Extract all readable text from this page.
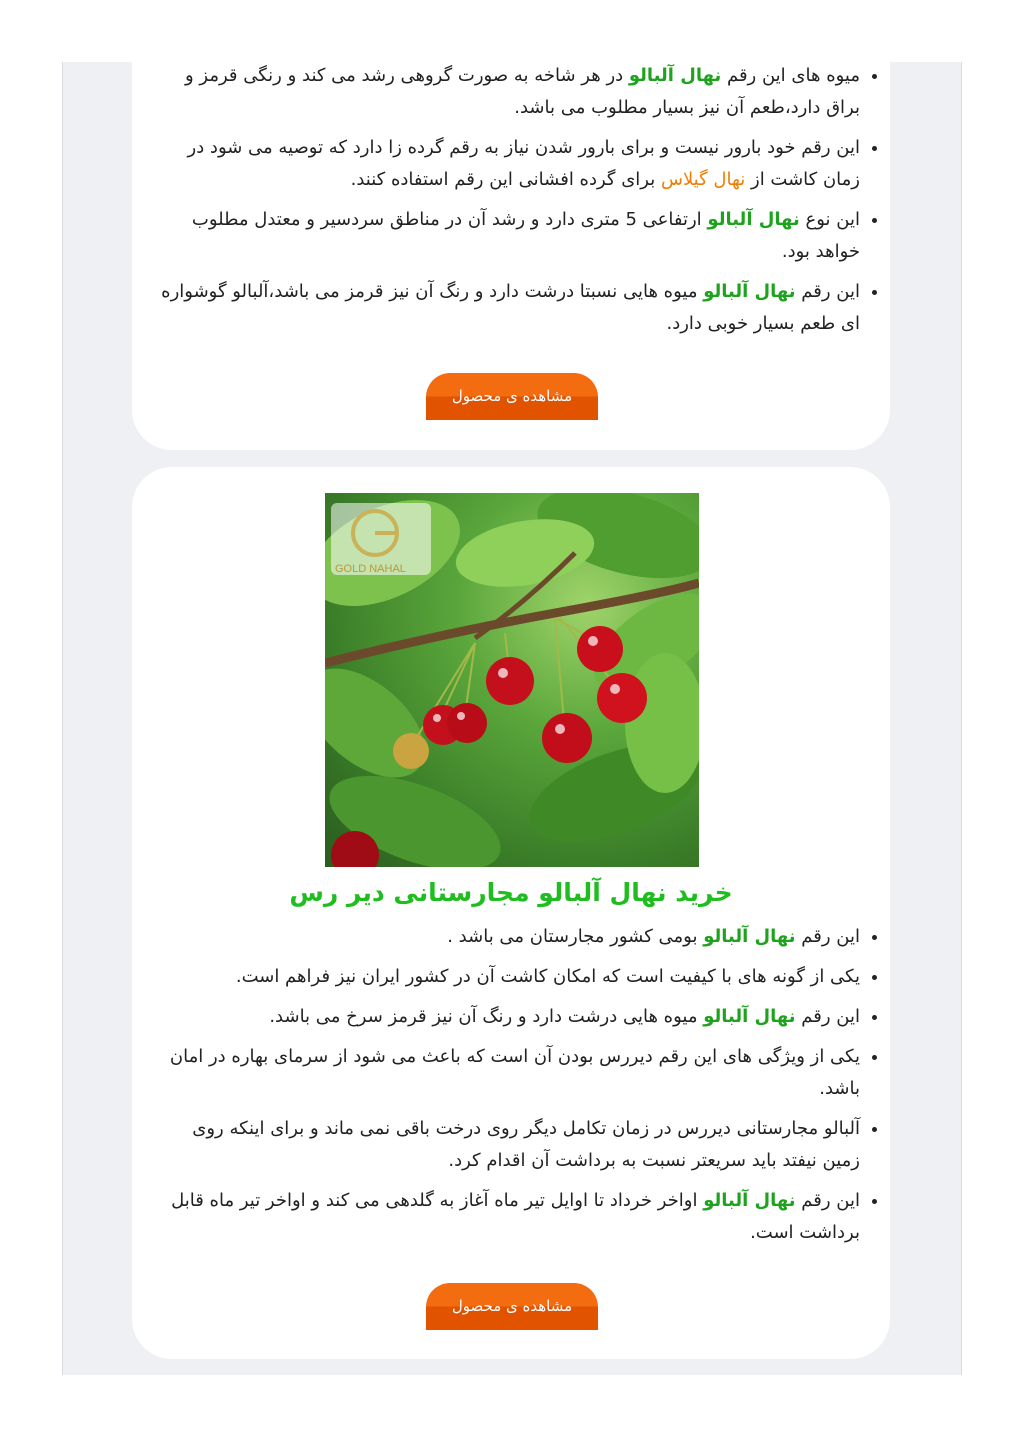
• میوه های این رقم نهال آلبالو در هر شاخه به صورت گروهی رشد می کند و رنگی قرمز و براق دارد،طعم آن نیز بسیار مطلوب می باشد.
• این رقم خود بارور نیست و برای بارور شدن نیاز به رقم گرده زا دارد که توصیه می شود در زمان کاشت از نهال گیلاس برای گرده افشانی این رقم استفاده کنند.
• این نوع نهال آلبالو ارتفاعی 5 متری دارد و رشد آن در مناطق سردسیر و معتدل مطلوب خواهد بود.
• این رقم نهال آلبالو میوه هایی نسبتا درشت دارد و رنگ آن نیز قرمز می باشد،آلبالو گوشواره ای طعم بسیار خوبی دارد.
مشاهده ی محصول
GOLD NAHAL
خرید نهال آلبالو مجارستانی دیر رس
• این رقم نهال آلبالو بومی کشور مجارستان می باشد .
• یکی از گونه های با کیفیت است که امکان کاشت آن در کشور ایران نیز فراهم است.
• این رقم نهال آلبالو میوه هایی درشت دارد و رنگ آن نیز قرمز سرخ می باشد.
• یکی از ویژگی های این رقم دیررس بودن آن است که باعث می شود از سرمای بهاره در امان باشد.
• آلبالو مجارستانی دیررس در زمان تکامل دیگر روی درخت باقی نمی ماند و برای اینکه روی زمین نیفتد باید سریعتر نسبت به برداشت آن اقدام کرد.
• این رقم نهال آلبالو اواخر خرداد تا اوایل تیر ماه آغاز به گلدهی می کند و اواخر تیر ماه قابل برداشت است.
مشاهده ی محصول
